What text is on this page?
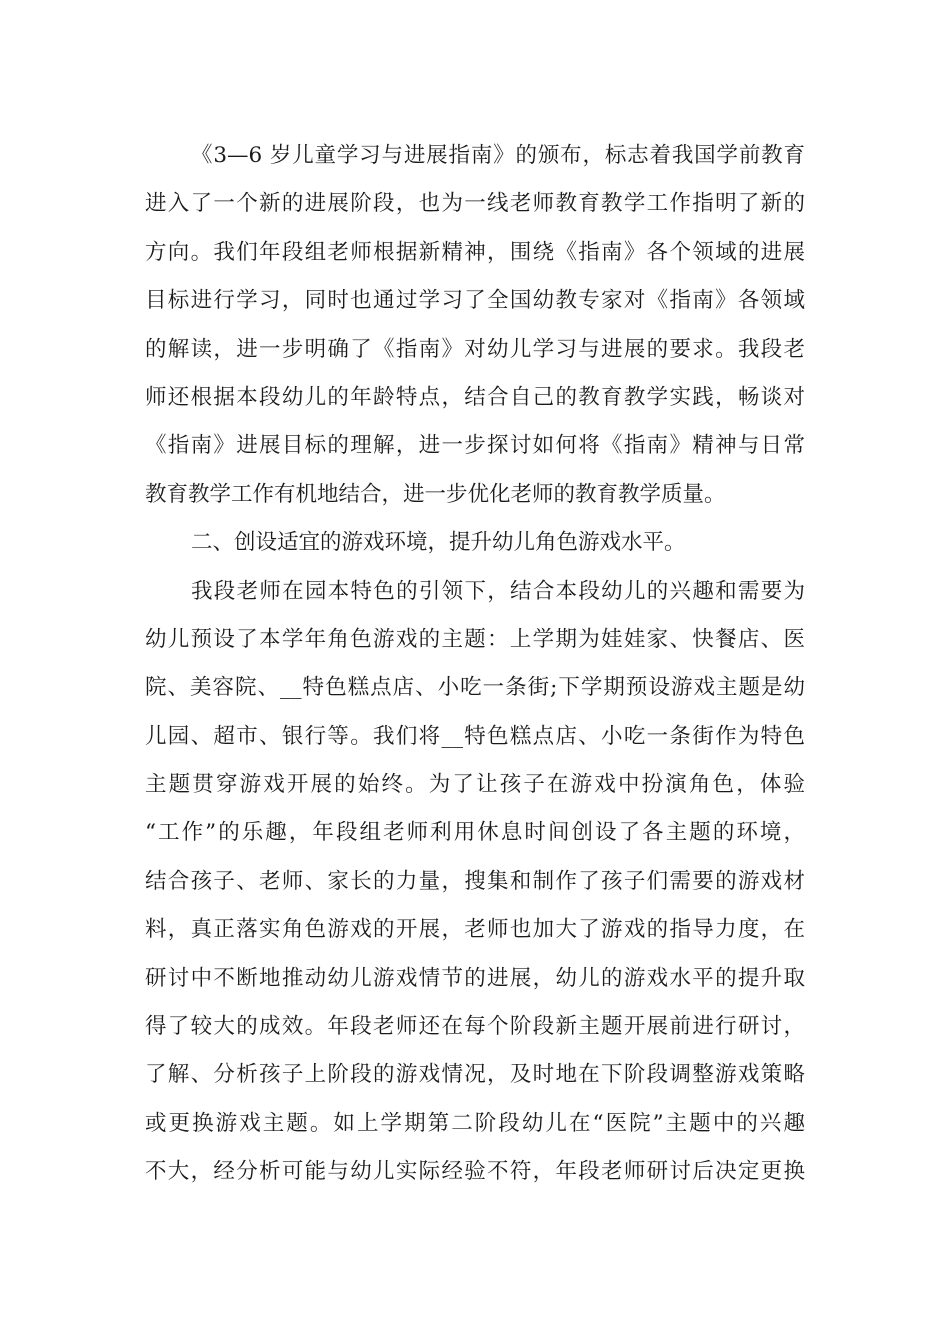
《3—6 岁儿童学习与进展指南》的颁布，标志着我国学前教育
进入了一个新的进展阶段，也为一线老师教育教学工作指明了新的
方向。我们年段组老师根据新精神，围绕《指南》各个领域的进展
目标进行学习，同时也通过学习了全国幼教专家对《指南》各领域
的解读，进一步明确了《指南》对幼儿学习与进展的要求。我段老
师还根据本段幼儿的年龄特点，结合自己的教育教学实践，畅谈对
《指南》进展目标的理解，进一步探讨如何将《指南》精神与日常
教育教学工作有机地结合，进一步优化老师的教育教学质量。
二、创设适宜的游戏环境，提升幼儿角色游戏水平。
我段老师在园本特色的引领下，结合本段幼儿的兴趣和需要为
幼儿预设了本学年角色游戏的主题：上学期为娃娃家、快餐店、医
院、美容院、__特色糕点店、小吃一条街;下学期预设游戏主题是幼
儿园、超市、银行等。我们将__特色糕点店、小吃一条街作为特色
主题贯穿游戏开展的始终。为了让孩子在游戏中扮演角色，体验
“工作”的乐趣，年段组老师利用休息时间创设了各主题的环境，
结合孩子、老师、家长的力量，搜集和制作了孩子们需要的游戏材
料，真正落实角色游戏的开展，老师也加大了游戏的指导力度，在
研讨中不断地推动幼儿游戏情节的进展，幼儿的游戏水平的提升取
得了较大的成效。年段老师还在每个阶段新主题开展前进行研讨，
了解、分析孩子上阶段的游戏情况，及时地在下阶段调整游戏策略
或更换游戏主题。如上学期第二阶段幼儿在“医院”主题中的兴趣
不大，经分析可能与幼儿实际经验不符，年段老师研讨后决定更换
